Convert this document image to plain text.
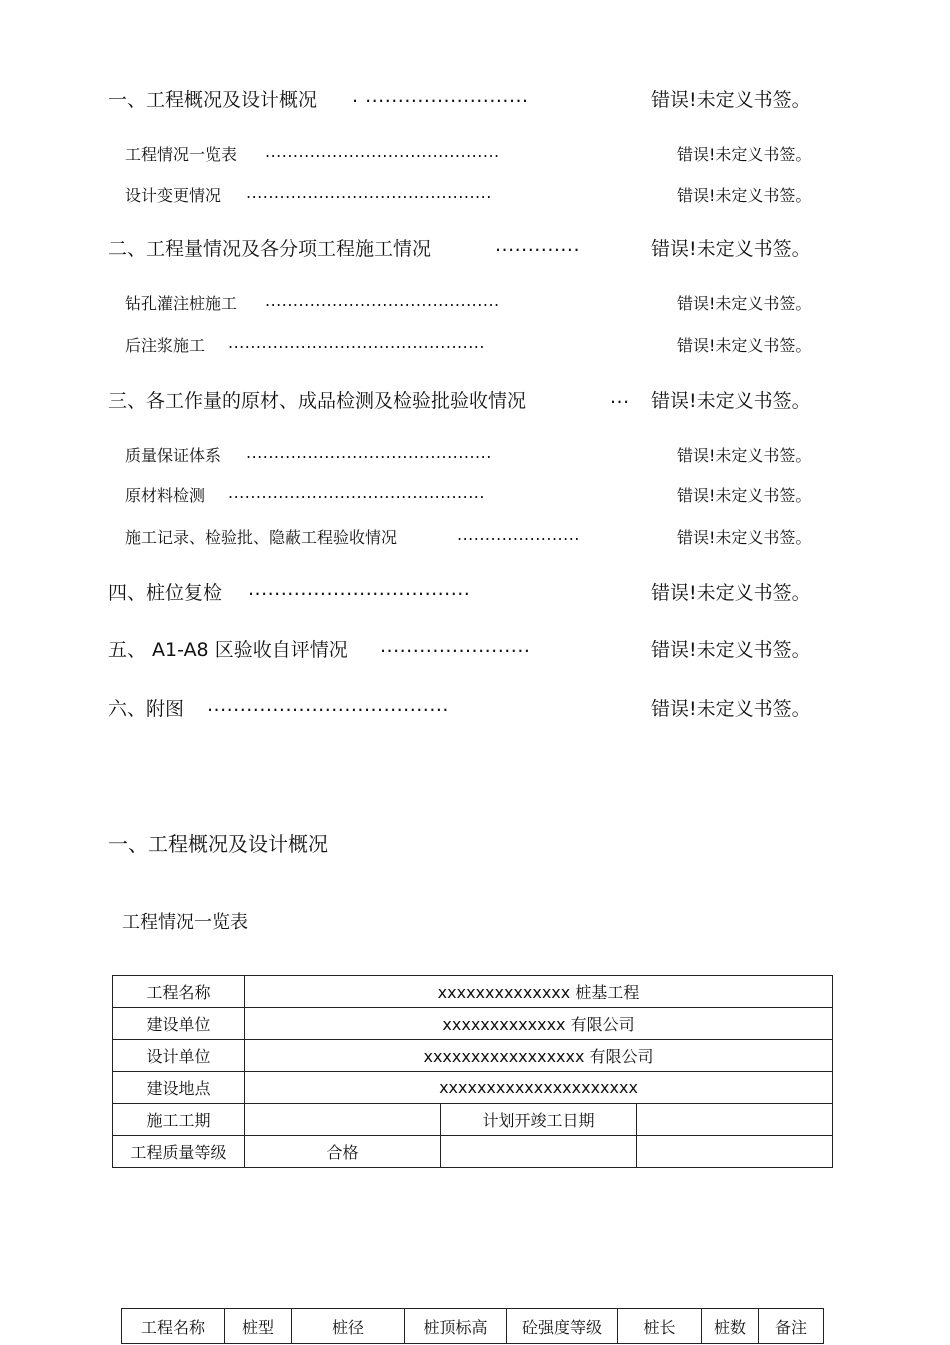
一、工程概况及设计概况 . .........................	错误!未定义书签。
工程情况一览表 ..........................................	错误!未定义书签。
设计变更情况 ............................................	错误!未定义书签。
二、工程量情况及各分项工程施工情况	.............	错误!未定义书签。
钻孔灌注桩施工 ..........................................	错误!未定义书签。
后注浆施工 ..............................................	错误!未定义书签。
三、各工作量的原材、成品检测及检验批验收情况	... 错误!未定义书签。
质量保证体系 ............................................	错误!未定义书签。
原材料检测 ..............................................	错误!未定义书签。
施工记录、检验批、隐蔽工程验收情况	......................	错误!未定义书签。
四、桩位复检 ..................................	错误!未定义书签。
五、 A1-A8 区验收自评情况 .......................	错误!未定义书签。
六、附图 .....................................	错误!未定义书签。
一、工程概况及设计概况
工程情况一览表
工程名称	xxxxxxxxxxxxxx 桩基工程		
建设单位	xxxxxxxxxxxxx 有限公司		
设计单位	xxxxxxxxxxxxxxxxx 有限公司		
建设地点	xxxxxxxxxxxxxxxxxxxxx		
施工工期		计划开竣工日期	
工程质量等级	合格		
工程名称	桩型	桩径	桩顶标高	砼强度等级	桩长	桩数	备注
